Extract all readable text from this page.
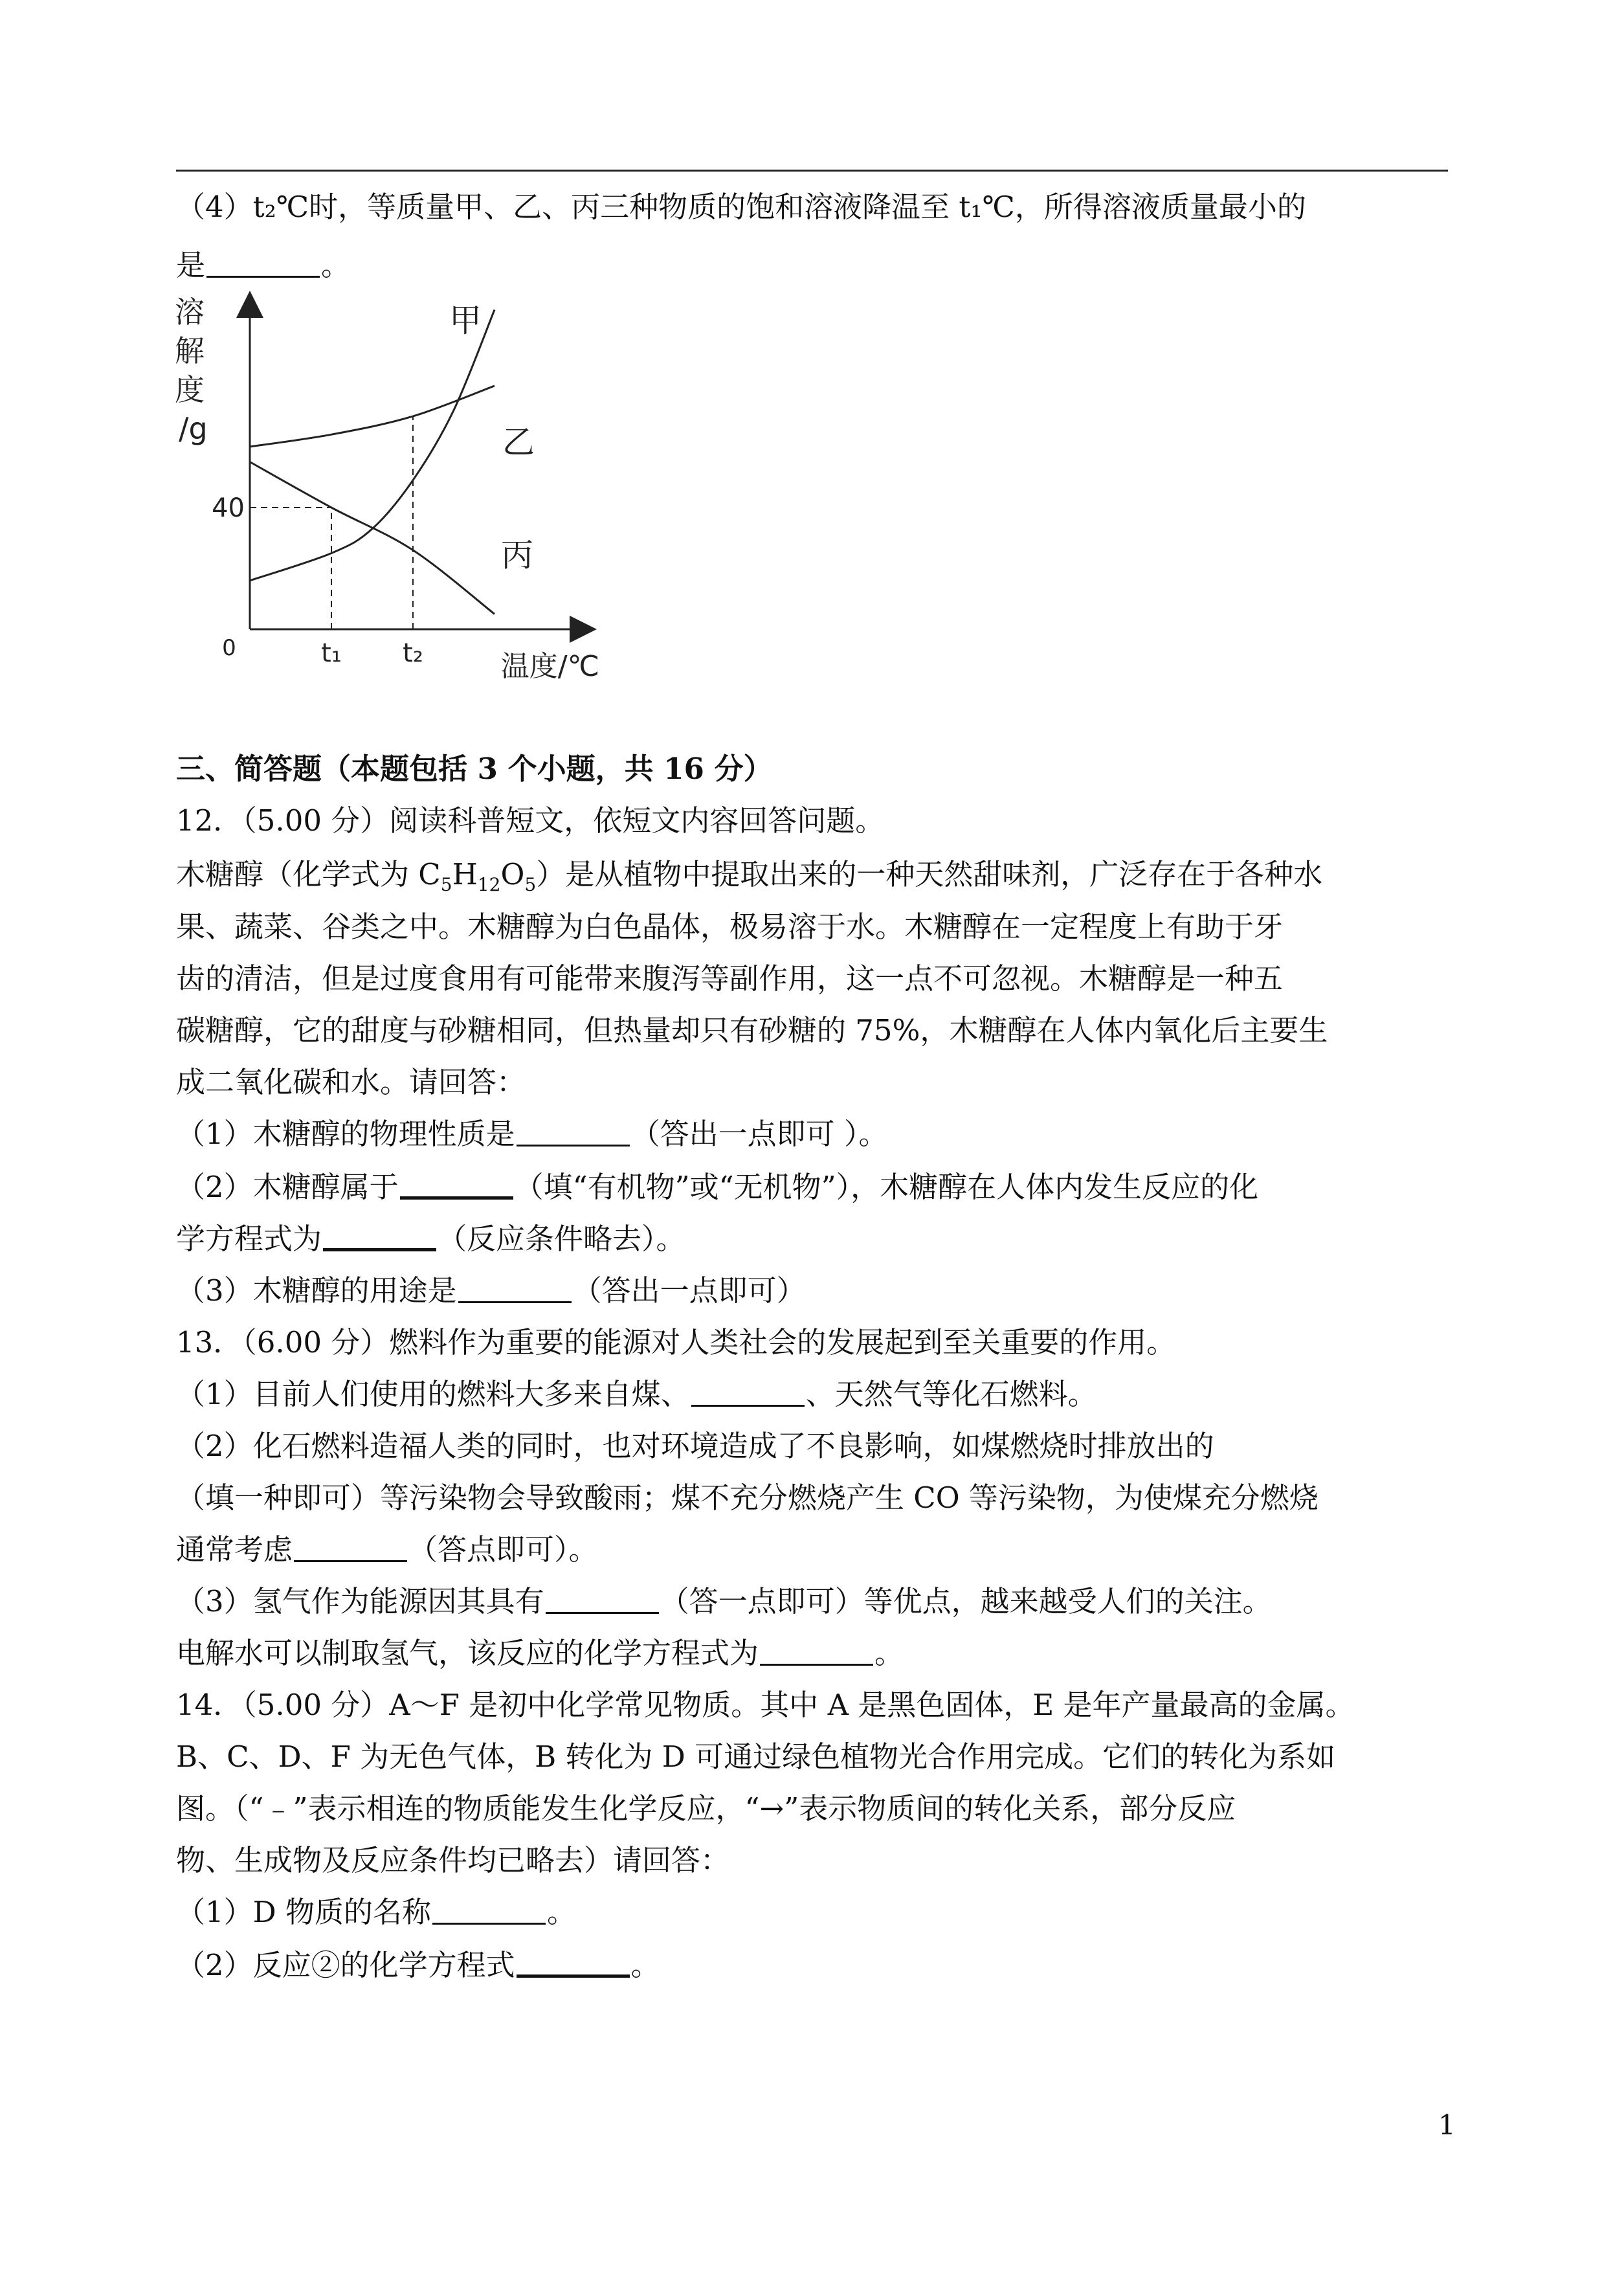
（4）t₂℃时，等质量甲、乙、丙三种物质的饱和溶液降温至 t₁℃，所得溶液质量最小的
是	。
甲
乙
丙
溶
解
度
/g
40
0	t₁ t₂	温度/℃
三、简答题（本题包括 3 个小题，共 16 分）
12．（5.00 分）阅读科普短文，依短文内容回答问题。
木糖醇（化学式为 $C_5H_{12}O_5$）是从植物中提取出来的一种天然甜味剂，广泛存在于各种水
果、蔬菜、谷类之中。木糖醇为白色晶体，极易溶于水。木糖醇在一定程度上有助于牙
齿的清洁，但是过度食用有可能带来腹泻等副作用，这一点不可忽视。木糖醇是一种五
碳糖醇，它的甜度与砂糖相同，但热量却只有砂糖的 75%，木糖醇在人体内氧化后主要生
成二氧化碳和水。请回答：
（1）木糖醇的物理性质是	（答出一点即可 ）。
（2）木糖醇属于	（填“有机物”或“无机物”），木糖醇在人体内发生反应的化
学方程式为	（反应条件略去）。
（3）木糖醇的用途是	（答出一点即可）
13．（6.00 分）燃料作为重要的能源对人类社会的发展起到至关重要的作用。
（1）目前人们使用的燃料大多来自煤、	、天然气等化石燃料。
（2）化石燃料造福人类的同时，也对环境造成了不良影响，如煤燃烧时排放出的
（填一种即可）等污染物会导致酸雨；煤不充分燃烧产生 CO 等污染物，为使煤充分燃烧
通常考虑	（答点即可）。
（3）氢气作为能源因其具有	（答一点即可）等优点，越来越受人们的关注。
电解水可以制取氢气，该反应的化学方程式为	。
14．（5.00 分）A～F 是初中化学常见物质。其中 A 是黑色固体，E 是年产量最高的金属。
B、C、D、F 为无色气体，B 转化为 D 可通过绿色植物光合作用完成。它们的转化为系如
图。（“﹣”表示相连的物质能发生化学反应，“→”表示物质间的转化关系，部分反应
物、生成物及反应条件均已略去）请回答：
（1）D 物质的名称	。
（2）反应②的化学方程式	。
1
